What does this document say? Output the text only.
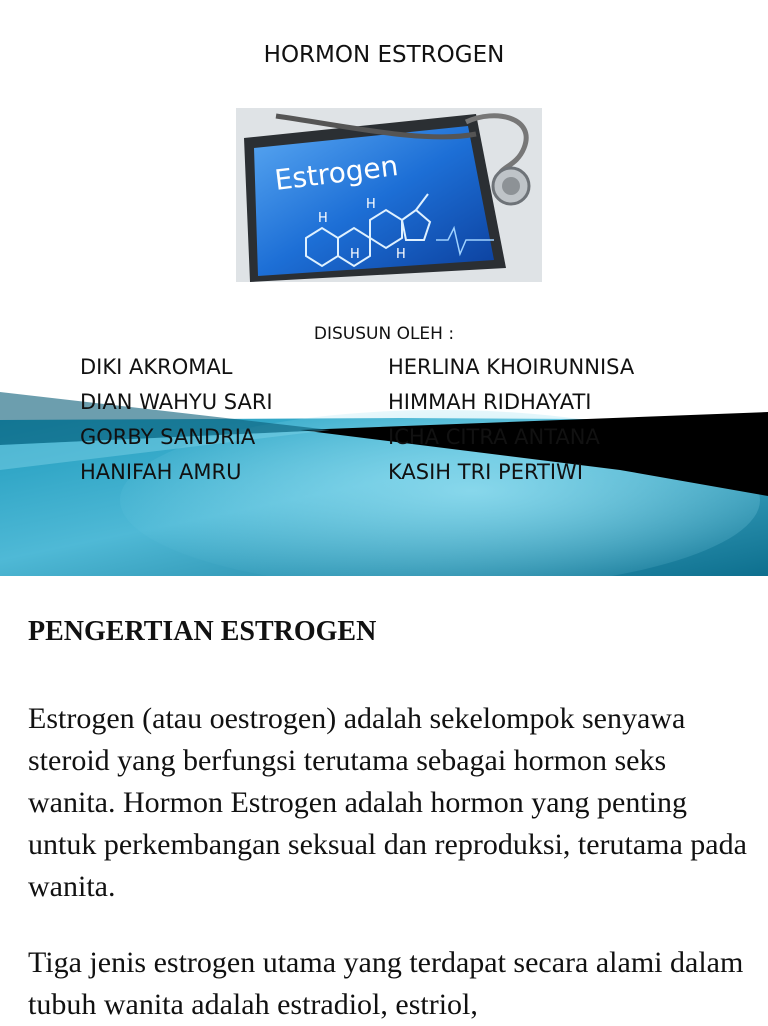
HORMON ESTROGEN
Estrogen
H
H
H	H
DISUSUN OLEH :
DIKI AKROMAL
DIAN WAHYU SARI
GORBY SANDRIA
HANIFAH AMRU
HERLINA KHOIRUNNISA
HIMMAH RIDHAYATI
ICHA CITRA ANTANA
KASIH TRI PERTIWI
PENGERTIAN ESTROGEN

Estrogen (atau oestrogen) adalah sekelompok senyawa steroid yang berfungsi terutama sebagai hormon seks wanita. Hormon Estrogen adalah hormon yang penting untuk perkembangan seksual dan reproduksi, terutama pada wanita.

Tiga jenis estrogen utama yang terdapat secara alami dalam tubuh wanita adalah estradiol, estriol,
